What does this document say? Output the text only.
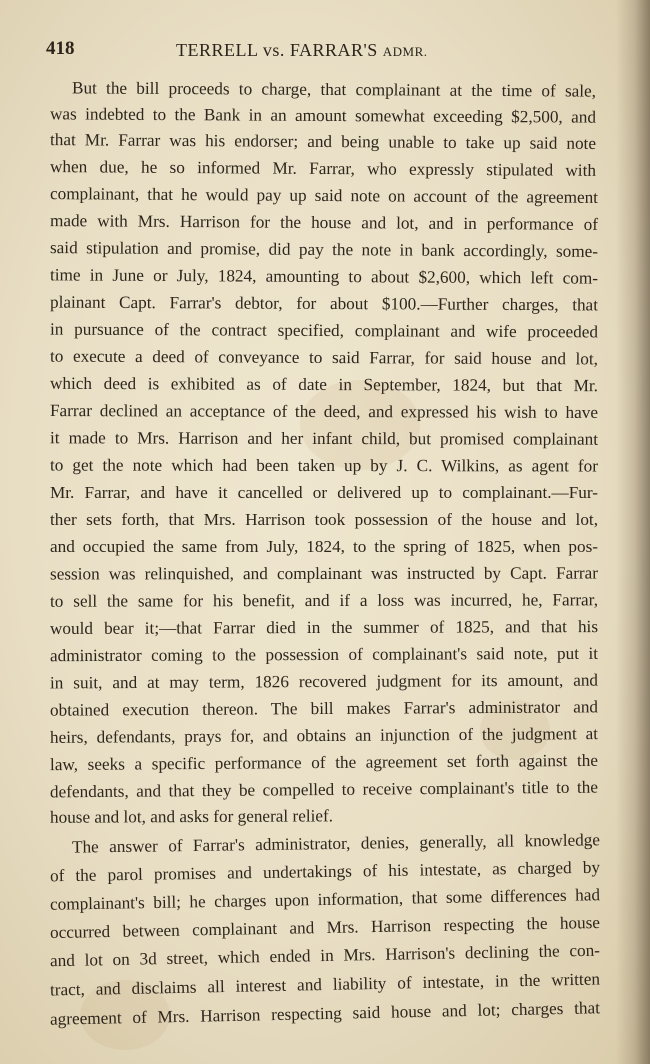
418	TERRELL vs. FARRAR'S ADMR.
But the bill proceeds to charge, that complainant at the time of sale,
was indebted to the Bank in an amount somewhat exceeding $2,500, and
that Mr. Farrar was his endorser; and being unable to take up said note
when due, he so informed Mr. Farrar, who expressly stipulated with
complainant, that he would pay up said note on account of the agreement
made with Mrs. Harrison for the house and lot, and in performance of
said stipulation and promise, did pay the note in bank accordingly, some-
time in June or July, 1824, amounting to about $2,600, which left com-
plainant Capt. Farrar's debtor, for about $100.—Further charges, that
in pursuance of the contract specified, complainant and wife proceeded
to execute a deed of conveyance to said Farrar, for said house and lot,
which deed is exhibited as of date in September, 1824, but that Mr.
Farrar declined an acceptance of the deed, and expressed his wish to have
it made to Mrs. Harrison and her infant child, but promised complainant
to get the note which had been taken up by J. C. Wilkins, as agent for
Mr. Farrar, and have it cancelled or delivered up to complainant.—Fur-
ther sets forth, that Mrs. Harrison took possession of the house and lot,
and occupied the same from July, 1824, to the spring of 1825, when pos-
session was relinquished, and complainant was instructed by Capt. Farrar
to sell the same for his benefit, and if a loss was incurred, he, Farrar,
would bear it;—that Farrar died in the summer of 1825, and that his
administrator coming to the possession of complainant's said note, put it
in suit, and at may term, 1826 recovered judgment for its amount, and
obtained execution thereon. The bill makes Farrar's administrator and
heirs, defendants, prays for, and obtains an injunction of the judgment at
law, seeks a specific performance of the agreement set forth against the
defendants, and that they be compelled to receive complainant's title to the
house and lot, and asks for general relief.
The answer of Farrar's administrator, denies, generally, all knowledge
of the parol promises and undertakings of his intestate, as charged by
complainant's bill; he charges upon information, that some differences had
occurred between complainant and Mrs. Harrison respecting the house
and lot on 3d street, which ended in Mrs. Harrison's declining the con-
tract, and disclaims all interest and liability of intestate, in the written
agreement of Mrs. Harrison respecting said house and lot; charges that
